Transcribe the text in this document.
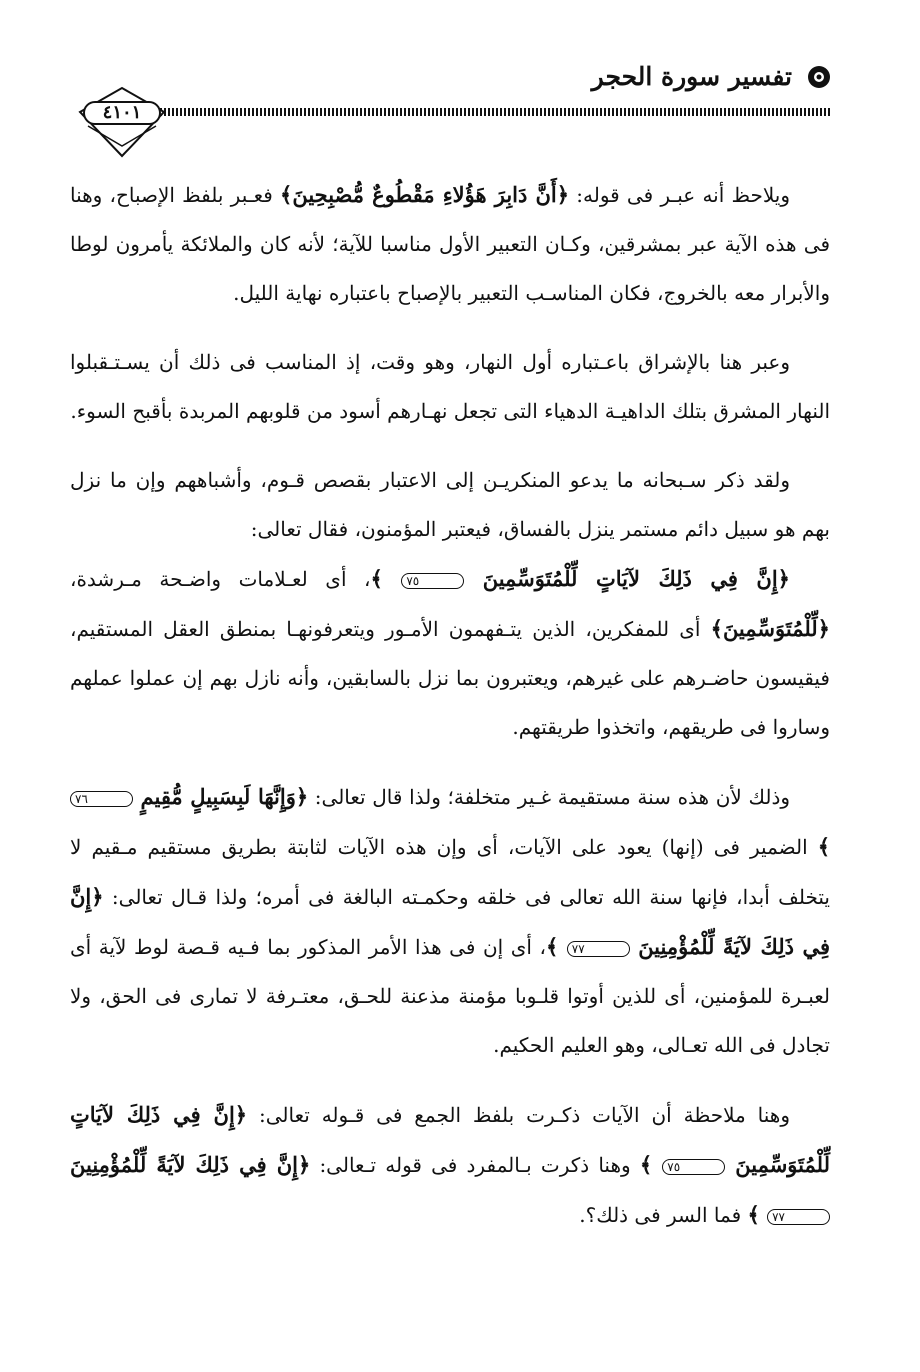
تفسير سورة الحجر
٤١٠١

ويلاحظ أنه عبـر فى قوله: ﴿أَنَّ دَابِرَ هَؤُلاءِ مَقْطُوعٌ مُّصْبِحِينَ﴾ فعـبر بلفظ الإصباح، وهنا فى هذه الآية عبر بمشرقين، وكـان التعبير الأول مناسبا للآية؛ لأنه كان والملائكة يأمرون لوطا والأبرار معه بالخروج، فكان المناسـب التعبير بالإصباح باعتباره نهاية الليل.

وعبر هنا بالإشراق باعـتباره أول النهار، وهو وقت، إذ المناسب فى ذلك أن يسـتـقبلوا النهار المشرق بتلك الداهيـة الدهياء التى تجعل نهـارهم أسود من قلوبهم المربدة بأقبح السوء.

ولقد ذكر سـبحانه ما يدعو المنكريـن إلى الاعتبار بقصص قـوم، وأشباههم وإن ما نزل بهم هو سبيل دائم مستمر ينزل بالفساق، فيعتبر المؤمنون، فقال تعالى:

﴿إِنَّ فِي ذَلِكَ لآيَاتٍ لِّلْمُتَوَسِّمِينَ ٧٥ ﴾، أى لعـلامات واضـحة مـرشدة، ﴿لِّلْمُتَوَسِّمِينَ﴾ أى للمفكرين، الذين يتـفهمون الأمـور ويتعرفونهـا بمنطق العقل المستقيم، فيقيسون حاضـرهم على غيرهم، ويعتبرون بما نزل بالسابقين، وأنه نازل بهم إن عملوا عملهم وساروا فى طريقهم، واتخذوا طريقتهم.

وذلك لأن هذه سنة مستقيمة غـير متخلفة؛ ولذا قال تعالى: ﴿وَإِنَّهَا لَبِسَبِيلٍ مُّقِيمٍ ٧٦ ﴾ الضمير فى (إنها) يعود على الآيات، أى وإن هذه الآيات لثابتة بطريق مستقيم مـقيم لا يتخلف أبدا، فإنها سنة الله تعالى فى خلقه وحكمـته البالغة فى أمره؛ ولذا قـال تعالى: ﴿إِنَّ فِي ذَلِكَ لآيَةً لِّلْمُؤْمِنِينَ ٧٧ ﴾، أى إن فى هذا الأمر المذكور بما فـيه قـصة لوط لآية أى لعبـرة للمؤمنين، أى للذين أوتوا قلـوبا مؤمنة مذعنة للحـق، معتـرفة لا تمارى فى الحق، ولا تجادل فى الله تعـالى، وهو العليم الحكيم.

وهنا ملاحظة أن الآيات ذكـرت بلفظ الجمع فى قـوله تعالى: ﴿إِنَّ فِي ذَلِكَ لآيَاتٍ لِّلْمُتَوَسِّمِينَ ٧٥ ﴾ وهنا ذكرت بـالمفرد فى قوله تـعالى: ﴿إِنَّ فِي ذَلِكَ لآيَةً لِّلْمُؤْمِنِينَ ٧٧ ﴾ فما السر فى ذلك؟.
